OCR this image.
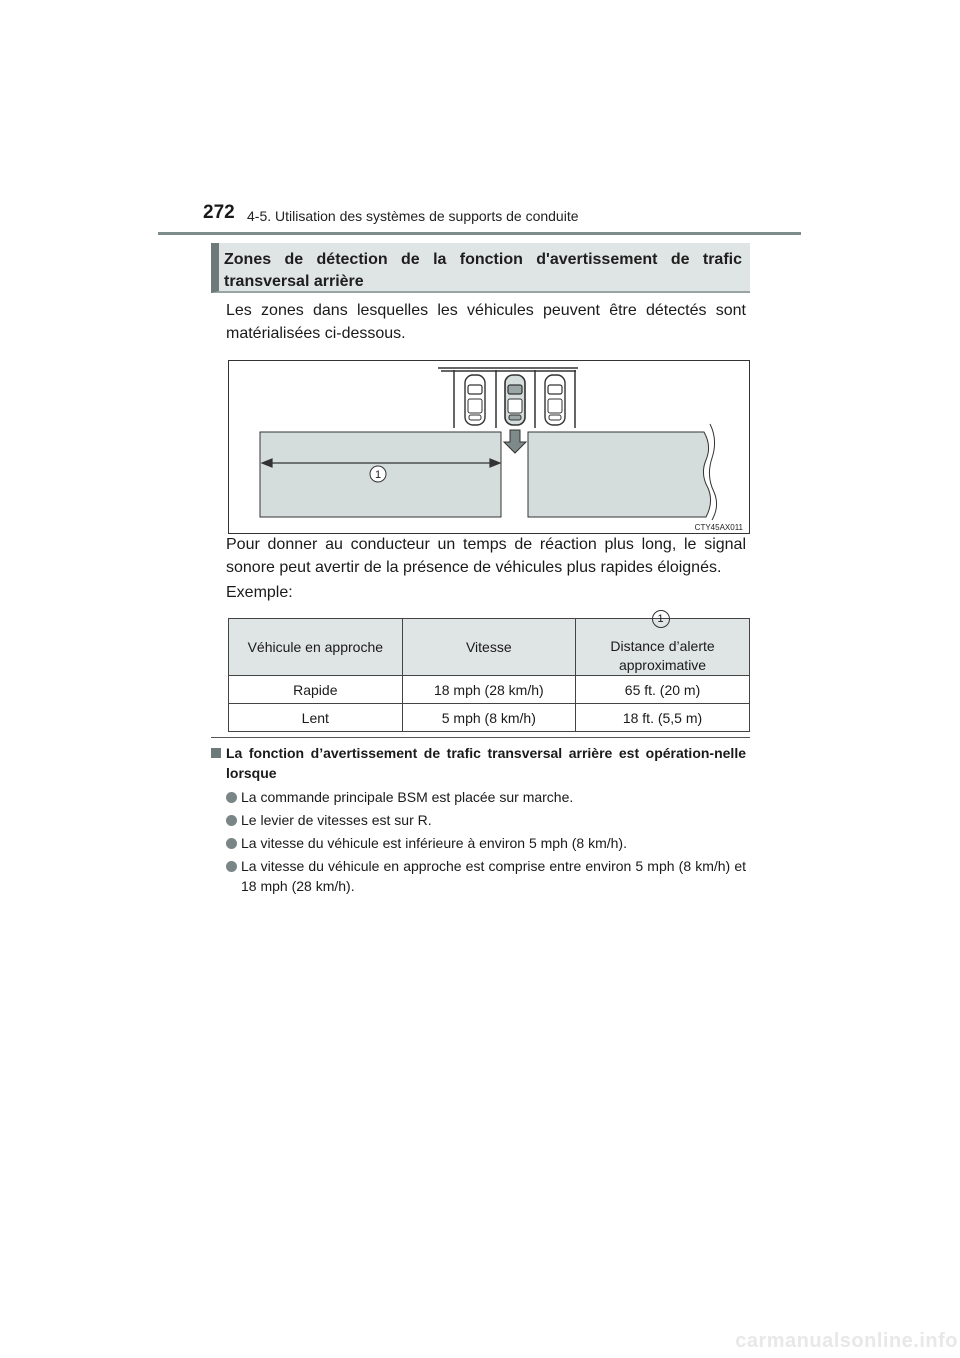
272 4-5. Utilisation des systèmes de supports de conduite
Zones de détection de la fonction d'avertissement de trafic transversal arrière
Les zones dans lesquelles les véhicules peuvent être détectés sont matérialisées ci-dessous.
1
CTY45AX011
Pour donner au conducteur un temps de réaction plus long, le signal sonore peut avertir de la présence de véhicules plus rapides éloignés.
Exemple:
Véhicule en approche	Vitesse	1Distance d’alerte approximative
Rapide	18 mph (28 km/h)	65 ft. (20 m)
Lent	5 mph (8 km/h)	18 ft. (5,5 m)
La fonction d’avertissement de trafic transversal arrière est opération-nelle lorsque
La commande principale BSM est placée sur marche.
Le levier de vitesses est sur R.
La vitesse du véhicule est inférieure à environ 5 mph (8 km/h).
La vitesse du véhicule en approche est comprise entre environ 5 mph (8 km/h) et 18 mph (28 km/h).
carmanualsonline.info
